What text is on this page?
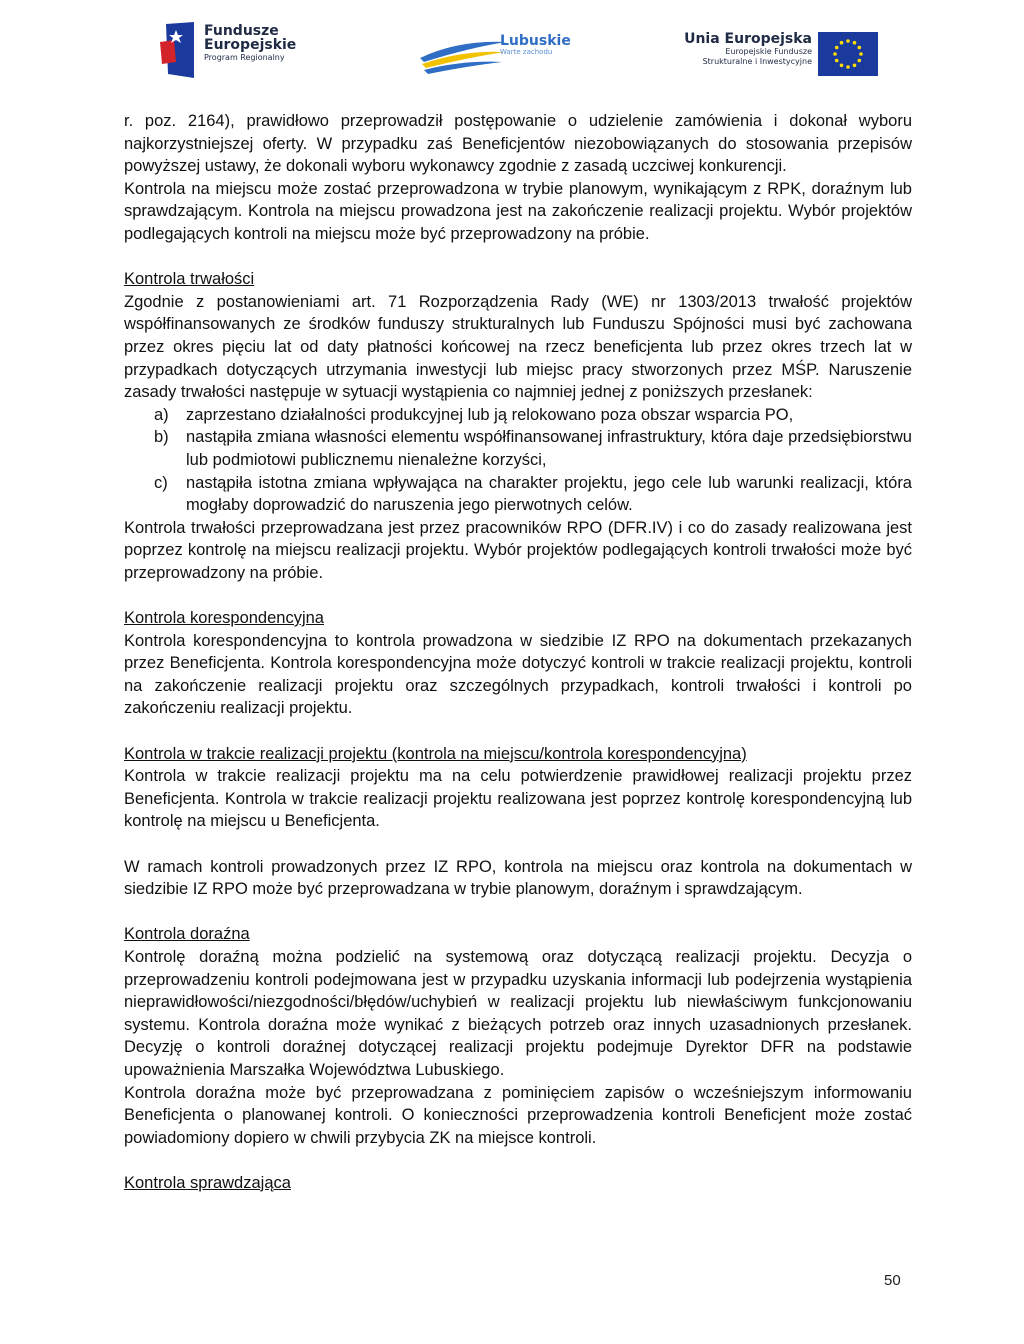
Fundusze
Europejskie
Program Regionalny
Lubuskie
Warte zachodu
Unia Europejska
Europejskie Fundusze
Strukturalne i Inwestycyjne

r. poz. 2164), prawidłowo przeprowadził postępowanie o udzielenie zamówienia i dokonał wyboru najkorzystniejszej oferty. W przypadku zaś Beneficjentów niezobowiązanych do stosowania przepisów powyższej ustawy, że dokonali wyboru wykonawcy zgodnie z zasadą uczciwej konkurencji.

Kontrola na miejscu może zostać przeprowadzona w trybie planowym, wynikającym z RPK, doraźnym lub sprawdzającym. Kontrola na miejscu prowadzona jest na zakończenie realizacji projektu. Wybór projektów podlegających kontroli na miejscu może być przeprowadzony na próbie.

Kontrola trwałości

Zgodnie z postanowieniami art. 71 Rozporządzenia Rady (WE) nr 1303/2013 trwałość projektów współfinansowanych ze środków funduszy strukturalnych lub Funduszu Spójności musi być zachowana przez okres pięciu lat od daty płatności końcowej na rzecz beneficjenta lub przez okres trzech lat w przypadkach dotyczących utrzymania inwestycji lub miejsc pracy stworzonych przez MŚP. Naruszenie zasady trwałości następuje w sytuacji wystąpienia co najmniej jednej z poniższych przesłanek:

a)	zaprzestano działalności produkcyjnej lub ją relokowano poza obszar wsparcia PO,
b)	nastąpiła zmiana własności elementu współfinansowanej infrastruktury, która daje przedsiębiorstwu lub podmiotowi publicznemu nienależne korzyści,
c)	nastąpiła istotna zmiana wpływająca na charakter projektu, jego cele lub warunki realizacji, która mogłaby doprowadzić do naruszenia jego pierwotnych celów.

Kontrola trwałości przeprowadzana jest przez pracowników RPO (DFR.IV) i co do zasady realizowana jest poprzez kontrolę na miejscu realizacji projektu. Wybór projektów podlegających kontroli trwałości może być przeprowadzony na próbie.

Kontrola korespondencyjna

Kontrola korespondencyjna to kontrola prowadzona w siedzibie IZ RPO na dokumentach przekazanych przez Beneficjenta. Kontrola korespondencyjna może dotyczyć kontroli w trakcie realizacji projektu, kontroli na zakończenie realizacji projektu oraz szczególnych przypadkach, kontroli trwałości i kontroli po zakończeniu realizacji projektu.

Kontrola w trakcie realizacji projektu (kontrola na miejscu/kontrola korespondencyjna)

Kontrola w trakcie realizacji projektu ma na celu potwierdzenie prawidłowej realizacji projektu przez Beneficjenta. Kontrola w trakcie realizacji projektu realizowana jest poprzez kontrolę korespondencyjną lub kontrolę na miejscu u Beneficjenta.

W ramach kontroli prowadzonych przez IZ RPO, kontrola na miejscu oraz kontrola na dokumentach w siedzibie IZ RPO może być przeprowadzana w trybie planowym, doraźnym i sprawdzającym.

Kontrola doraźna

Kontrolę doraźną można podzielić na systemową oraz dotyczącą realizacji projektu. Decyzja o przeprowadzeniu kontroli podejmowana jest w przypadku uzyskania informacji lub podejrzenia wystąpienia nieprawidłowości/niezgodności/błędów/uchybień w realizacji projektu lub niewłaściwym funkcjonowaniu systemu. Kontrola doraźna może wynikać z bieżących potrzeb oraz innych uzasadnionych przesłanek. Decyzję o kontroli doraźnej dotyczącej realizacji projektu podejmuje Dyrektor DFR na podstawie upoważnienia Marszałka Województwa Lubuskiego.

Kontrola doraźna może być przeprowadzana z pominięciem zapisów o wcześniejszym informowaniu Beneficjenta o planowanej kontroli. O konieczności przeprowadzenia kontroli Beneficjent może zostać powiadomiony dopiero w chwili przybycia ZK na miejsce kontroli.

Kontrola sprawdzająca
50
